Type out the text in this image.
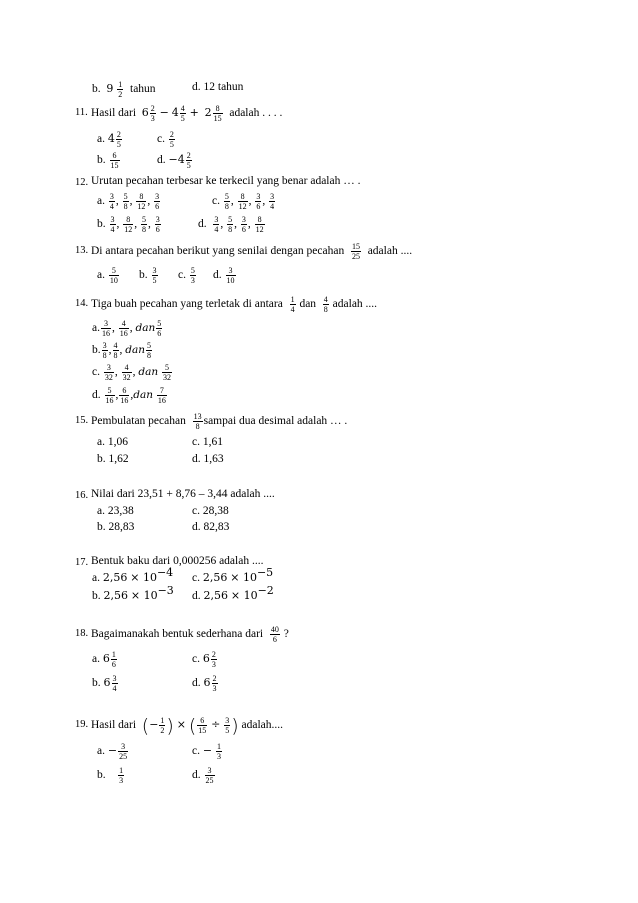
b. $9 \frac{1}{2}$ tahun	d. 12 tahun
11. Hasil dari $6 \frac{2}{3} - 4 \frac{4}{5} + 2 \frac{8}{15}$ adalah . . . .
a. $4 \frac{2}{5}$	c. $\frac{2}{5}$
b. $\frac{6}{15}$	d. $-4 \frac{2}{5}$
12. Urutan pecahan terbesar ke terkecil yang benar adalah … .
a. $\frac{3}{4}$ , $\frac{5}{8}$ , $\frac{8}{12}$ , $\frac{3}{6}$	c. $\frac{5}{8}$ , $\frac{8}{12}$ , $\frac{3}{6}$ , $\frac{3}{4}$
b. $\frac{3}{4}$ , $\frac{8}{12}$ , $\frac{5}{8}$ , $\frac{3}{6}$	d. $\frac{3}{4}$ , $\frac{5}{8}$ , $\frac{3}{6}$ , $\frac{8}{12}$
13. Di antara pecahan berikut yang senilai dengan pecahan $\frac{15}{25}$ adalah ....
a. $\frac{5}{10} b$. $\frac{3}{5} c$. $\frac{5}{3} d$. $\frac{3}{10}$
14. Tiga buah pecahan yang terletak di antara $\frac{1}{4}$ dan $\frac{4}{8}$ adalah ....
a. $\frac{3}{16}$ , $\frac{4}{16}$ , dan $\frac{5}{6}$
b. $\frac{3}{8}$ , $\frac{4}{8}$ , dan $\frac{5}{8}$
c. $\frac{3}{32}$ , $\frac{4}{32}$ , dan $\frac{5}{32}$
d. $\frac{5}{16}$ , $\frac{6}{16} ,dan \frac{7}{16}$
15. Pembulatan pecahan $\frac{13}{8}$ sampai dua desimal adalah … .
a. 1,06	c. 1,61
b. 1,62	d. 1,63
16. Nilai dari 23,51 + 8,76 – 3,44 adalah ....
a. 23,38	c. 28,38
b. 28,83	d. 82,83
17. Bentuk baku dari 0,000256 adalah ....
a. $2,56 \times 10^{-4}$ c. $2,56 \times 10^{-5}$
b. $2,56 \times 10^{-3}$ d. $2,56 \times 10^{-2}$
18. Bagaimanakah bentuk sederhana dari $\frac{40}{6}$ ?
a. $6 \frac{1}{6}$	c. $6 \frac{2}{3}$
b. $6 \frac{3}{4}$	d. $6 \frac{2}{3}$
19. Hasil dari (− $\frac{1}{2}$ ) × ( $\frac{6}{15} \div \frac{3}{5}$ ) adalah....
a. − $\frac{3}{25}$	c. − $\frac{1}{3}$
b. $\frac{1}{3}$	d. $\frac{3}{25}$
